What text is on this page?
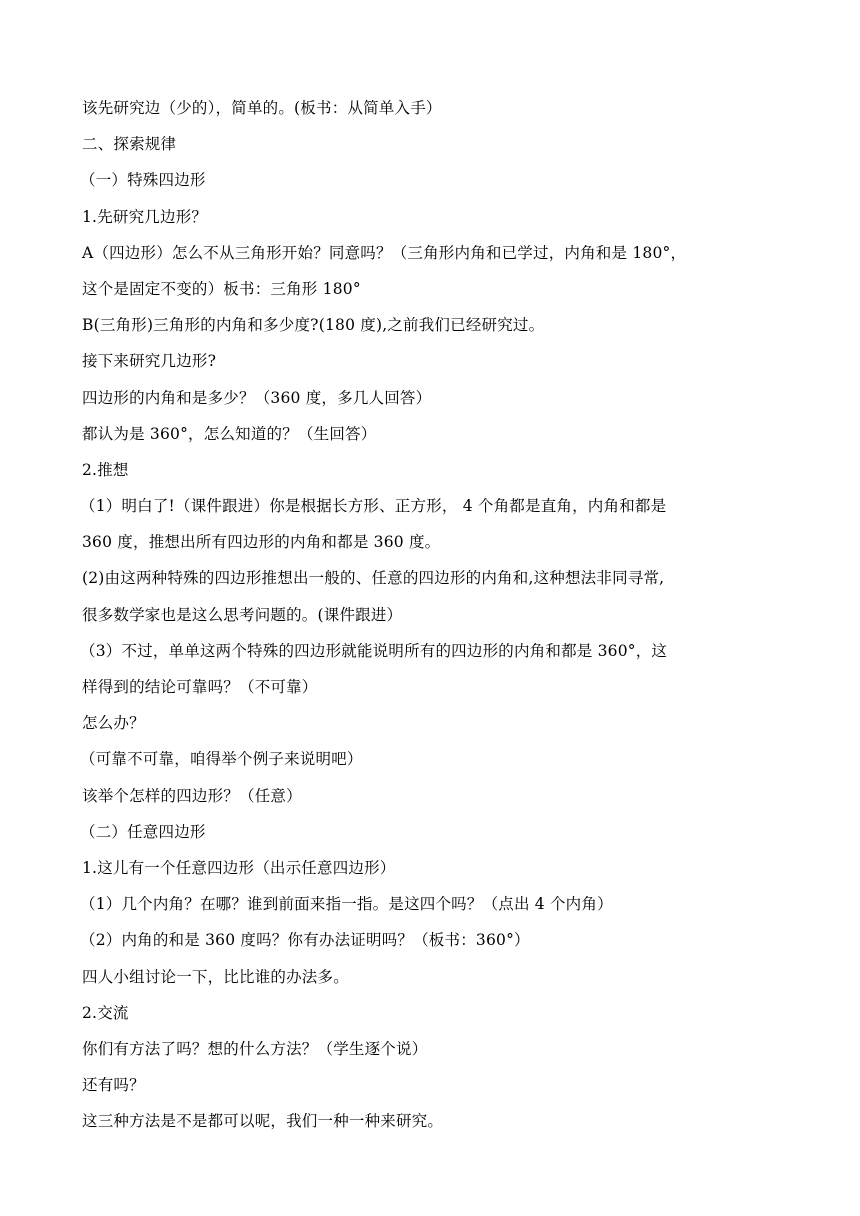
该先研究边（少的），简单的。(板书：从简单入手）
二、探索规律
（一）特殊四边形
1.先研究几边形？
A（四边形）怎么不从三角形开始？同意吗？（三角形内角和已学过，内角和是 180°，
这个是固定不变的）板书：三角形 180°
B(三角形)三角形的内角和多少度?(180 度),之前我们已经研究过。
接下来研究几边形?
四边形的内角和是多少？（360 度，多几人回答）
都认为是 360°，怎么知道的？（生回答）
2.推想
（1）明白了!（课件跟进）你是根据长方形、正方形， 4 个角都是直角，内角和都是
360 度，推想出所有四边形的内角和都是 360 度。
(2)由这两种特殊的四边形推想出一般的、任意的四边形的内角和,这种想法非同寻常,
很多数学家也是这么思考问题的。(课件跟进）
（3）不过，单单这两个特殊的四边形就能说明所有的四边形的内角和都是 360°，这
样得到的结论可靠吗？（不可靠）
怎么办？
（可靠不可靠，咱得举个例子来说明吧）
该举个怎样的四边形？（任意）
（二）任意四边形
1.这儿有一个任意四边形（出示任意四边形）
（1）几个内角？在哪？谁到前面来指一指。是这四个吗？（点出 4 个内角）
（2）内角的和是 360 度吗？你有办法证明吗？（板书：360°）
四人小组讨论一下，比比谁的办法多。
2.交流
你们有方法了吗？想的什么方法？（学生逐个说）
还有吗？
这三种方法是不是都可以呢，我们一种一种来研究。
